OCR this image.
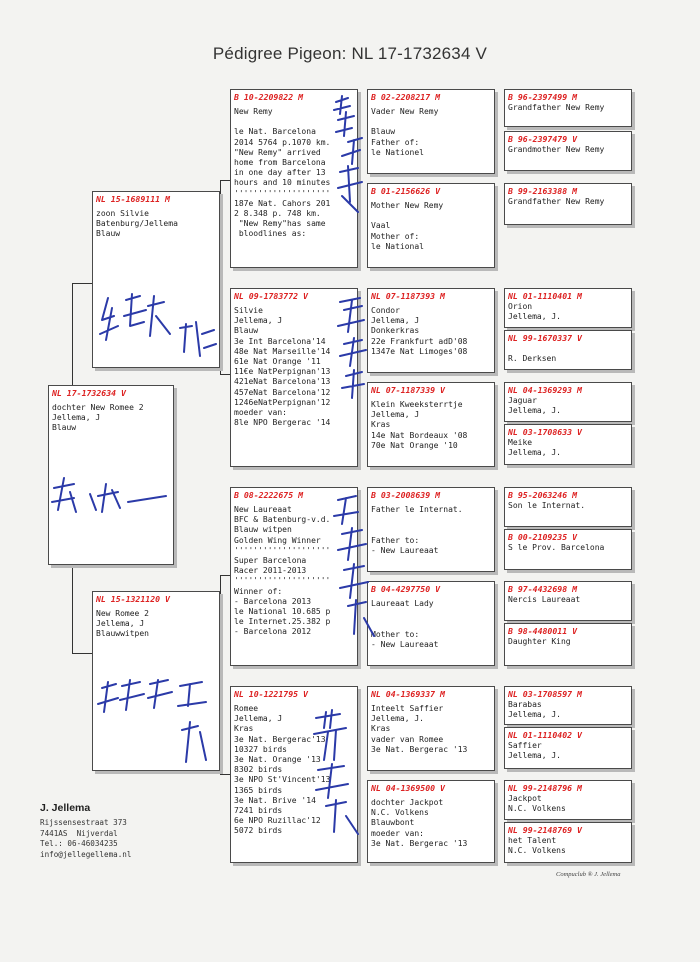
Pédigree Pigeon: NL 17-1732634 V
NL 17-1732634 V
dochter New Romee 2
Jellema, J
Blauw
NL 15-1689111 M
zoon Silvie
Batenburg/Jellema
Blauw
NL 15-1321120 V
New Romee 2
Jellema, J
Blauwwitpen
B 10-2209822 M
New Remy
le Nat. Barcelona
2014 5764 p.1070 km.
"New Remy" arrived
home from Barcelona
in one day after 13
hours and 10 minutes
''''''''''''''''''''
187e Nat. Cahors 201
2 8.348 p. 748 km.
"New Remy"has same
bloodlines as:
NL 09-1783772 V
Silvie
Jellema, J
Blauw
3e Int Barcelona'14
48e Nat Marseille'14
61e Nat Orange '11
11€e NatPerpignan'13
421eNat Barcelona'13
457eNat Barcelona'12
1246eNatPerpignan'12
moeder van:
8le NPO Bergerac '14
B 08-2222675 M
New Laureaat
BFC & Batenburg-v.d.
Blauw witpen
Golden Wing Winner
''''''''''''''''''''
Super Barcelona
Racer 2011-2013
''''''''''''''''''''
Winner of:
- Barcelona 2013
le National 10.685 p
le Internet.25.382 p
- Barcelona 2012
NL 10-1221795 V
Romee
Jellema, J
Kras
3e Nat. Bergerac'13
10327 birds
3e Nat. Orange '13
8302 birds
3e NPO St'Vincent'13
1365 birds
3e Nat. Brive '14
7241 birds
6e NPO Ruzillac'12
5072 birds
B 02-2208217 M
Vader New Remy
Blauw
Father of:
le Nationel
B 01-2156626 V
Mother New Remy
Vaal
Mother of:
le National
NL 07-1187393 M
Condor
Jellema, J
Donkerkras
22e Frankfurt adD'08
1347e Nat Limoges'08
NL 07-1187339 V
Klein Kweeksterrtje
Jellema, J
Kras
14e Nat Bordeaux '08
70e Nat Orange '10
B 03-2008639 M
Father le Internat.
Father to:
- New Laureaat
B 04-4297750 V
Laureaat Lady
Mother to:
- New Laureaat
NL 04-1369337 M
Inteelt Saffier
Jellema, J.
Kras
vader van Romee
3e Nat. Bergerac '13
NL 04-1369500 V
dochter Jackpot
N.C. Volkens
Blauwbont
moeder van:
3e Nat. Bergerac '13
B 96-2397499 M
Grandfather New Remy
B 96-2397479 V
Grandmother New Remy
B 99-2163388 M
Grandfather New Remy
NL 01-1110401 M
Orion
Jellema, J.
NL 99-1670337 V
R. Derksen
NL 04-1369293 M
Jaguar
Jellema, J.
NL 03-1708633 V
Meike
Jellema, J.
B 95-2063246 M
Son le Internat.
B 00-2109235 V
S le Prov. Barcelona
B 97-4432698 M
Nercis Laureaat
B 98-4480011 V
Daughter King
NL 03-1708597 M
Barabas
Jellema, J.
NL 01-1110402 V
Saffier
Jellema, J.
NL 99-2148796 M
Jackpot
N.C. Volkens
NL 99-2148769 V
het Talent
N.C. Volkens
J. Jellema
Rijssensestraat 373
7441AS  Nijverdal
Tel.: 06-46034235
info@jellegellema.nl
Compuclub ® J. Jellema
